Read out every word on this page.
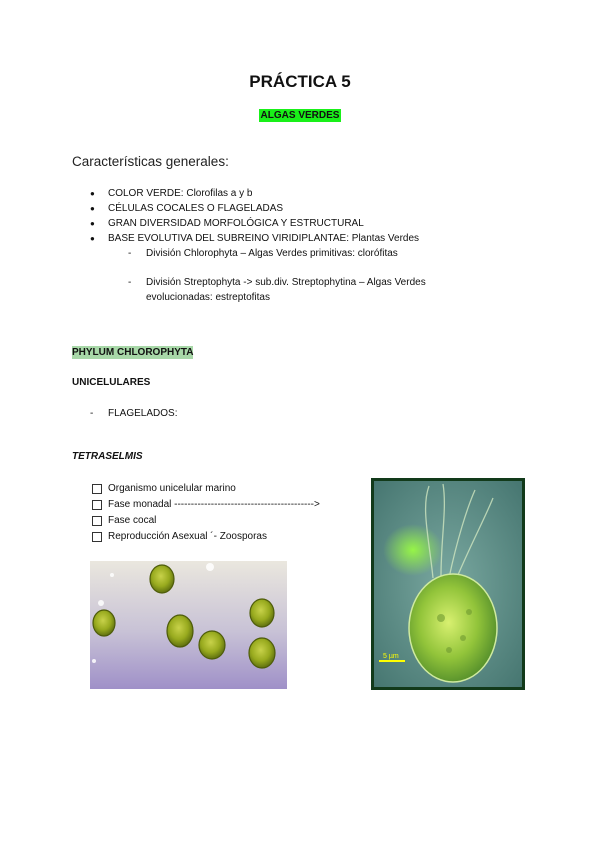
PRÁCTICA 5
ALGAS VERDES
Características generales:
● COLOR VERDE: Clorofilas a y b
● CÉLULAS COCALES O FLAGELADAS
● GRAN DIVERSIDAD MORFOLÓGICA Y ESTRUCTURAL
● BASE EVOLUTIVA DEL SUBREINO VIRIDIPLANTAE: Plantas Verdes
- División Chlorophyta – Algas Verdes primitivas: clorófitas
- División Streptophyta -> sub.div. Streptophytina – Algas Verdes
evolucionadas: estreptofitas
PHYLUM CHLOROPHYTA
UNICELULARES
- FLAGELADOS:
TETRASELMIS
Organismo unicelular marino
Fase monadal ------------------------------------------>
Fase cocal
Reproducción Asexual ´- Zoosporas
5 µm
